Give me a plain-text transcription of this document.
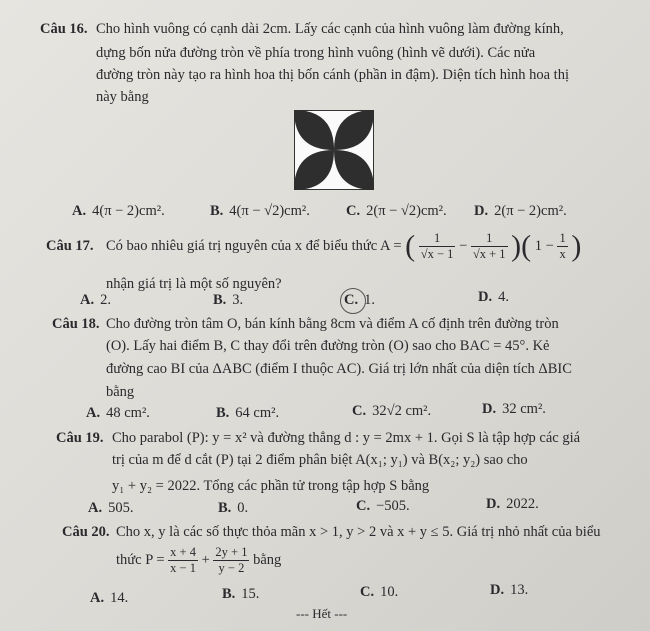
Câu 16. Cho hình vuông có cạnh dài 2cm. Lấy các cạnh của hình vuông làm đường kính,
dựng bốn nửa đường tròn về phía trong hình vuông (hình vẽ dưới). Các nửa
đường tròn này tạo ra hình hoa thị bốn cánh (phần in đậm). Diện tích hình hoa thị
này bằng
A. 4(π − 2)cm².	B. 4(π − √2)cm². C. 2(π − √2)cm². D. 2(π − 2)cm².
Câu 17. Có bao nhiêu giá trị nguyên của x để biểu thức A = ( $\frac{1}{√x - 1} - \frac{1}{√x + 1}$ )( $1 - \frac{1}{x}$ )
nhận giá trị là một số nguyên?
A. 2.	B. 3.	C. 1.	D. 4.
Câu 18. Cho đường tròn tâm O, bán kính bằng 8cm và điểm A cố định trên đường tròn
(O). Lấy hai điểm B, C thay đổi trên đường tròn (O) sao cho BAC = 45°. Kẻ
đường cao BI của ΔABC (điểm I thuộc AC). Giá trị lớn nhất của diện tích ΔBIC
bằng
A. 48 cm².	B. 64 cm².	C. 32√2 cm².	D. 32 cm².
Câu 19. Cho parabol (P): y = x² và đường thẳng d : y = 2mx + 1. Gọi S là tập hợp các giá
trị của m để d cắt (P) tại 2 điểm phân biệt A(x₁; y₁) và B(x₂; y₂) sao cho
y₁ + y₂ = 2022. Tổng các phần tử trong tập hợp S bằng
A. 505.	B. 0.	C. −505.	D. 2022.
Câu 20. Cho x, y là các số thực thỏa mãn x > 1, y > 2 và x + y ≤ 5. Giá trị nhỏ nhất của biểu
thức $P = \frac{x + 4}{x - 1} + \frac{2y + 1}{y - 2}$ bằng
A. 14.	B. 15.	C. 10.	D. 13.
--- Hết ---
